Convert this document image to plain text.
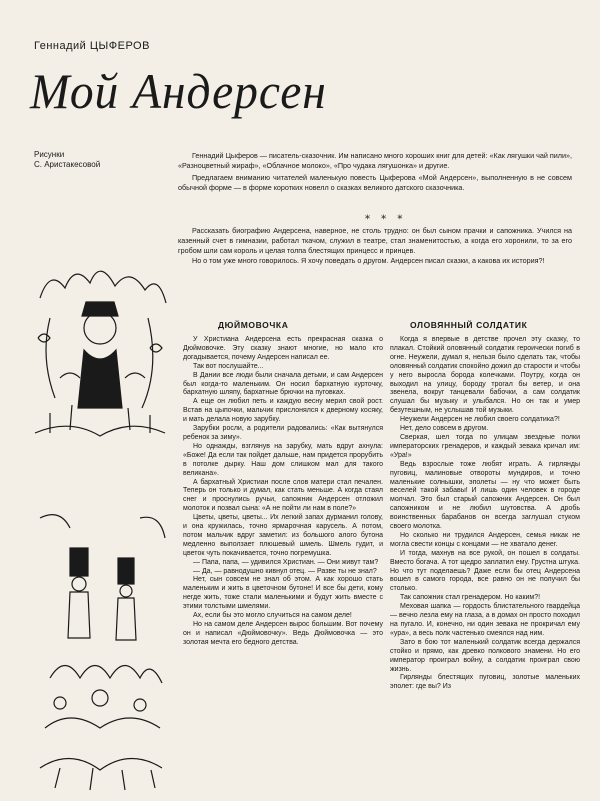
Геннадий ЦЫФЕРОВ
Мой Андерсен
Рисунки
С. Аристакесовой

Геннадий Цыферов — писатель-сказочник. Им написано много хороших книг для детей: «Как лягушки чай пили», «Разноцветный жираф», «Облачное молоко», «Про чудака лягушонка» и другие.

Предлагаем вниманию читателей маленькую повесть Цыферова «Мой Андерсен», выполненную в не совсем обычной форме — в форме коротких новелл о сказках великого датского сказочника.

* * *

Рассказать биографию Андерсена, наверное, не столь трудно: он был сыном прачки и сапожника. Учился на казенный счет в гимназии, работал ткачом, служил в театре, стал знаменитостью, а когда его хоронили, то за его гробом шли сам король и целая толпа блестящих принцесс и принцев.

Но о том уже много говорилось. Я хочу поведать о другом. Андерсен писал сказки, а какова их история?!

ДЮЙМОВОЧКА	ОЛОВЯННЫЙ СОЛДАТИК

У Христиана Андерсена есть прекрасная сказка о Дюймовочке. Эту сказку знают многие, но мало кто догадывается, почему Андерсен написал ее.

Так вот послушайте...

В Дании все люди были сначала детьми, и сам Андерсен был когда-то маленьким. Он носил бархатную курточку, бархатную шляпу, бархатные брючки на пуговках.

А еще он любил петь и каждую весну мерил свой рост. Встав на цыпочки, мальчик прислонялся к дверному косяку, и мать делала новую зарубку.

Зарубки росли, а родители радовались: «Как вытянулся ребенок за зиму».

Но однажды, взглянув на зарубку, мать вдруг ахнула: «Боже! Да если так пойдет дальше, нам придется прорубить в потолке дырку. Наш дом слишком мал для такого великана».

А бархатный Христиан после слов матери стал печален. Теперь он только и думал, как стать меньше. А когда стаял снег и проснулись ручьи, сапожник Андерсен отложил молоток и позвал сына: «А не пойти ли нам в поле?»

Цветы, цветы, цветы... Их легкий запах дурманил голову, и она кружилась, точно ярмарочная карусель. А потом, потом мальчик вдруг заметил: из большого алого бутона медленно выползает плюшевый шмель. Шмель гудит, и цветок чуть покачивается, точно погремушка.

— Папа, папа, — удивился Христиан. — Они живут там?

— Да, — равнодушно кивнул отец. — Разве ты не знал?

Нет, сын совсем не знал об этом. А как хорошо стать маленьким и жить в цветочном бутоне! И все бы дети, кому негде жить, тоже стали маленькими и будут жить вместе с этими толстыми шмелями.

Ах, если бы это могло случиться на самом деле!

Но на самом деле Андерсен вырос большим. Вот почему он и написал «Дюймовочку». Ведь Дюймовочка — это золотая мечта его бедного детства.

Когда я впервые в детстве прочел эту сказку, то плакал. Стойкий оловянный солдатик героически погиб в огне. Неужели, думал я, нельзя было сделать так, чтобы оловянный солдатик спокойно дожил до старости и чтобы у него выросла борода колечками. Поутру, когда он выходил на улицу, бороду трогал бы ветер, и она звенела, вокруг танцевали бабочки, а сам солдатик слушал бы музыку и улыбался. Но он так и умер безутешным, не услышав той музыки.

Неужели Андерсен не любил своего солдатика?!

Нет, дело совсем в другом.

Сверкая, шел тогда по улицам звездные полки императорских гренадеров, и каждый зевака кричал им: «Ура!»

Ведь взрослые тоже любят играть. А гирлянды пуговиц, малиновые отвороты мундиров, и точно маленькие солнышки, эполеты — ну что может быть веселей такой забавы! И лишь один человек в городе молчал. Это был старый сапожник Андерсен. Он был сапожником и не любил шутовства. А дробь воинственных барабанов он всегда заглушал стуком своего молотка.

Но сколько ни трудился Андерсен, семья никак не могла свести концы с концами — не хватало денег.

И тогда, махнув на все рукой, он пошел в солдаты. Вместо богача. А тот щедро заплатил ему. Грустна штука. Но что тут поделаешь? Даже если бы отец Андерсена вошел в самого города, все равно он не получил бы столько.

Так сапожник стал гренадером. Но каким?!

Меховая шапка — гордость блистательного гвардейца — вечно лезла ему на глаза, а в домах он просто походил на пугало. И, конечно, ни один зевака не прокричал ему «ура», а весь полк частенько смеялся над ним.

Зато в бою тот маленький солдатик всегда держался стойко и прямо, как древко полкового знамени. Но его император проиграл войну, а солдатик проиграл свою жизнь.

Гирлянды блестящих пуговиц, золотые маленьких эполет: где вы? Из
